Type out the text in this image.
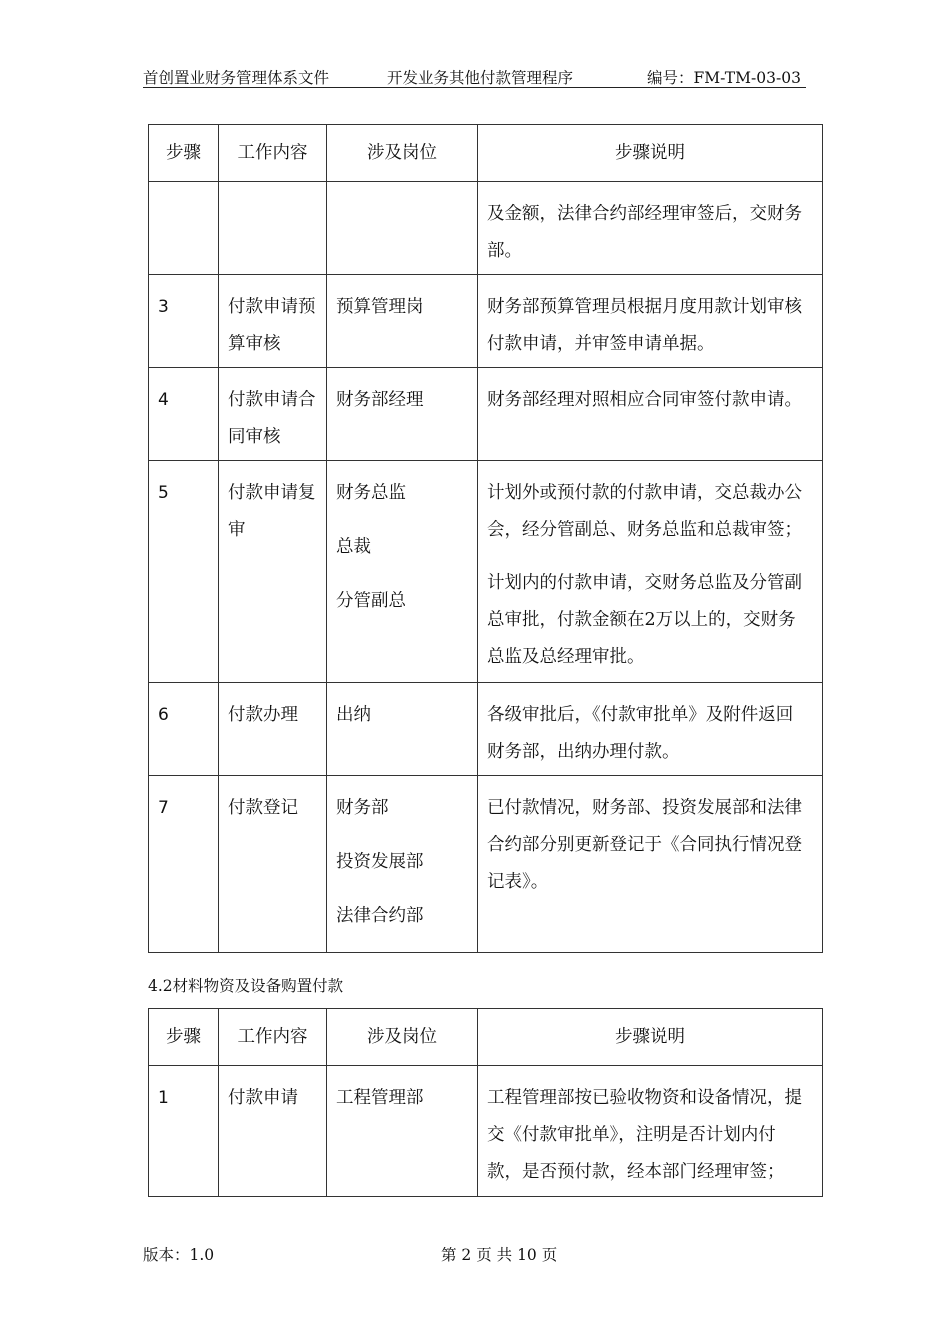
首创置业财务管理体系文件	开发业务其他付款管理程序	编号：FM-TM-03-03
步骤	工作内容	涉及岗位	步骤说明

			及金额，法律合约部经理审签后，交财务
部。

3	付款申请预
算审核	预算管理岗	财务部预算管理员根据月度用款计划审核
付款申请，并审签申请单据。

4	付款申请合
同审核	财务部经理	财务部经理对照相应合同审签付款申请。

5	付款申请复
审	财务总监
总裁
分管副总	计划外或预付款的付款申请，交总裁办公
会，经分管副总、财务总监和总裁审签；
计划内的付款申请，交财务总监及分管副
总审批，付款金额在2万以上的，交财务
总监及总经理审批。

6	付款办理	出纳	各级审批后，《付款审批单》及附件返回
财务部，出纳办理付款。

7	付款登记	财务部
投资发展部
法律合约部	已付款情况，财务部、投资发展部和法律
合约部分别更新登记于《合同执行情况登
记表》。
4.2材料物资及设备购置付款
步骤	工作内容	涉及岗位	步骤说明

1	付款申请	工程管理部	工程管理部按已验收物资和设备情况，提
交《付款审批单》，注明是否计划内付
款，是否预付款，经本部门经理审签；
版本：1.0	第 2 页 共 10 页
